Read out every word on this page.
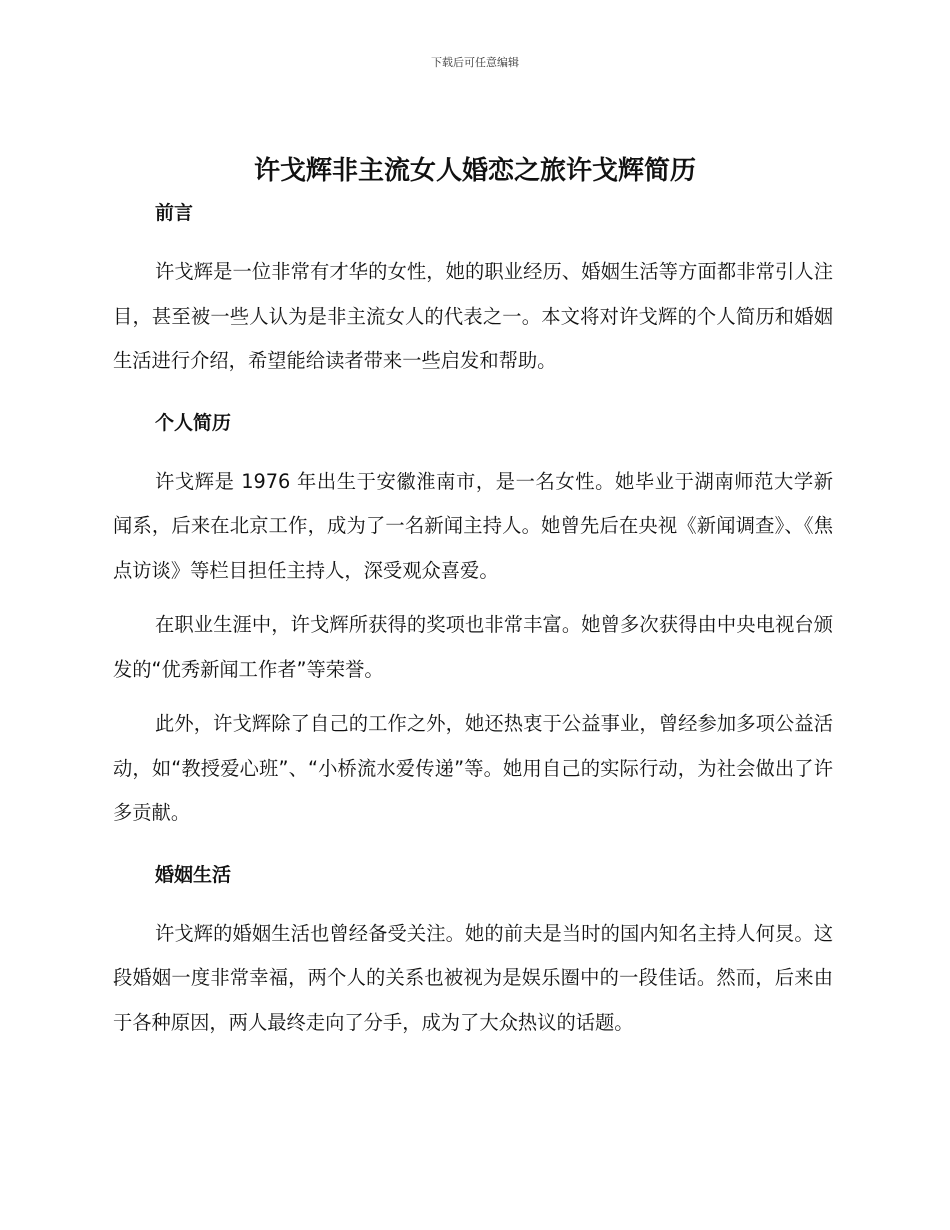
下载后可任意编辑
许戈辉非主流女人婚恋之旅许戈辉简历
前言

许戈辉是一位非常有才华的女性，她的职业经历、婚姻生活等方面都非常引人注目，甚至被一些人认为是非主流女人的代表之一。本文将对许戈辉的个人简历和婚姻生活进行介绍，希望能给读者带来一些启发和帮助。

个人简历

许戈辉是 1976 年出生于安徽淮南市，是一名女性。她毕业于湖南师范大学新闻系，后来在北京工作，成为了一名新闻主持人。她曾先后在央视《新闻调查》、《焦点访谈》等栏目担任主持人，深受观众喜爱。

在职业生涯中，许戈辉所获得的奖项也非常丰富。她曾多次获得由中央电视台颁发的“优秀新闻工作者”等荣誉。

此外，许戈辉除了自己的工作之外，她还热衷于公益事业，曾经参加多项公益活动，如“教授爱心班”、“小桥流水爱传递”等。她用自己的实际行动，为社会做出了许多贡献。

婚姻生活

许戈辉的婚姻生活也曾经备受关注。她的前夫是当时的国内知名主持人何炅。这段婚姻一度非常幸福，两个人的关系也被视为是娱乐圈中的一段佳话。然而，后来由于各种原因，两人最终走向了分手，成为了大众热议的话题。
